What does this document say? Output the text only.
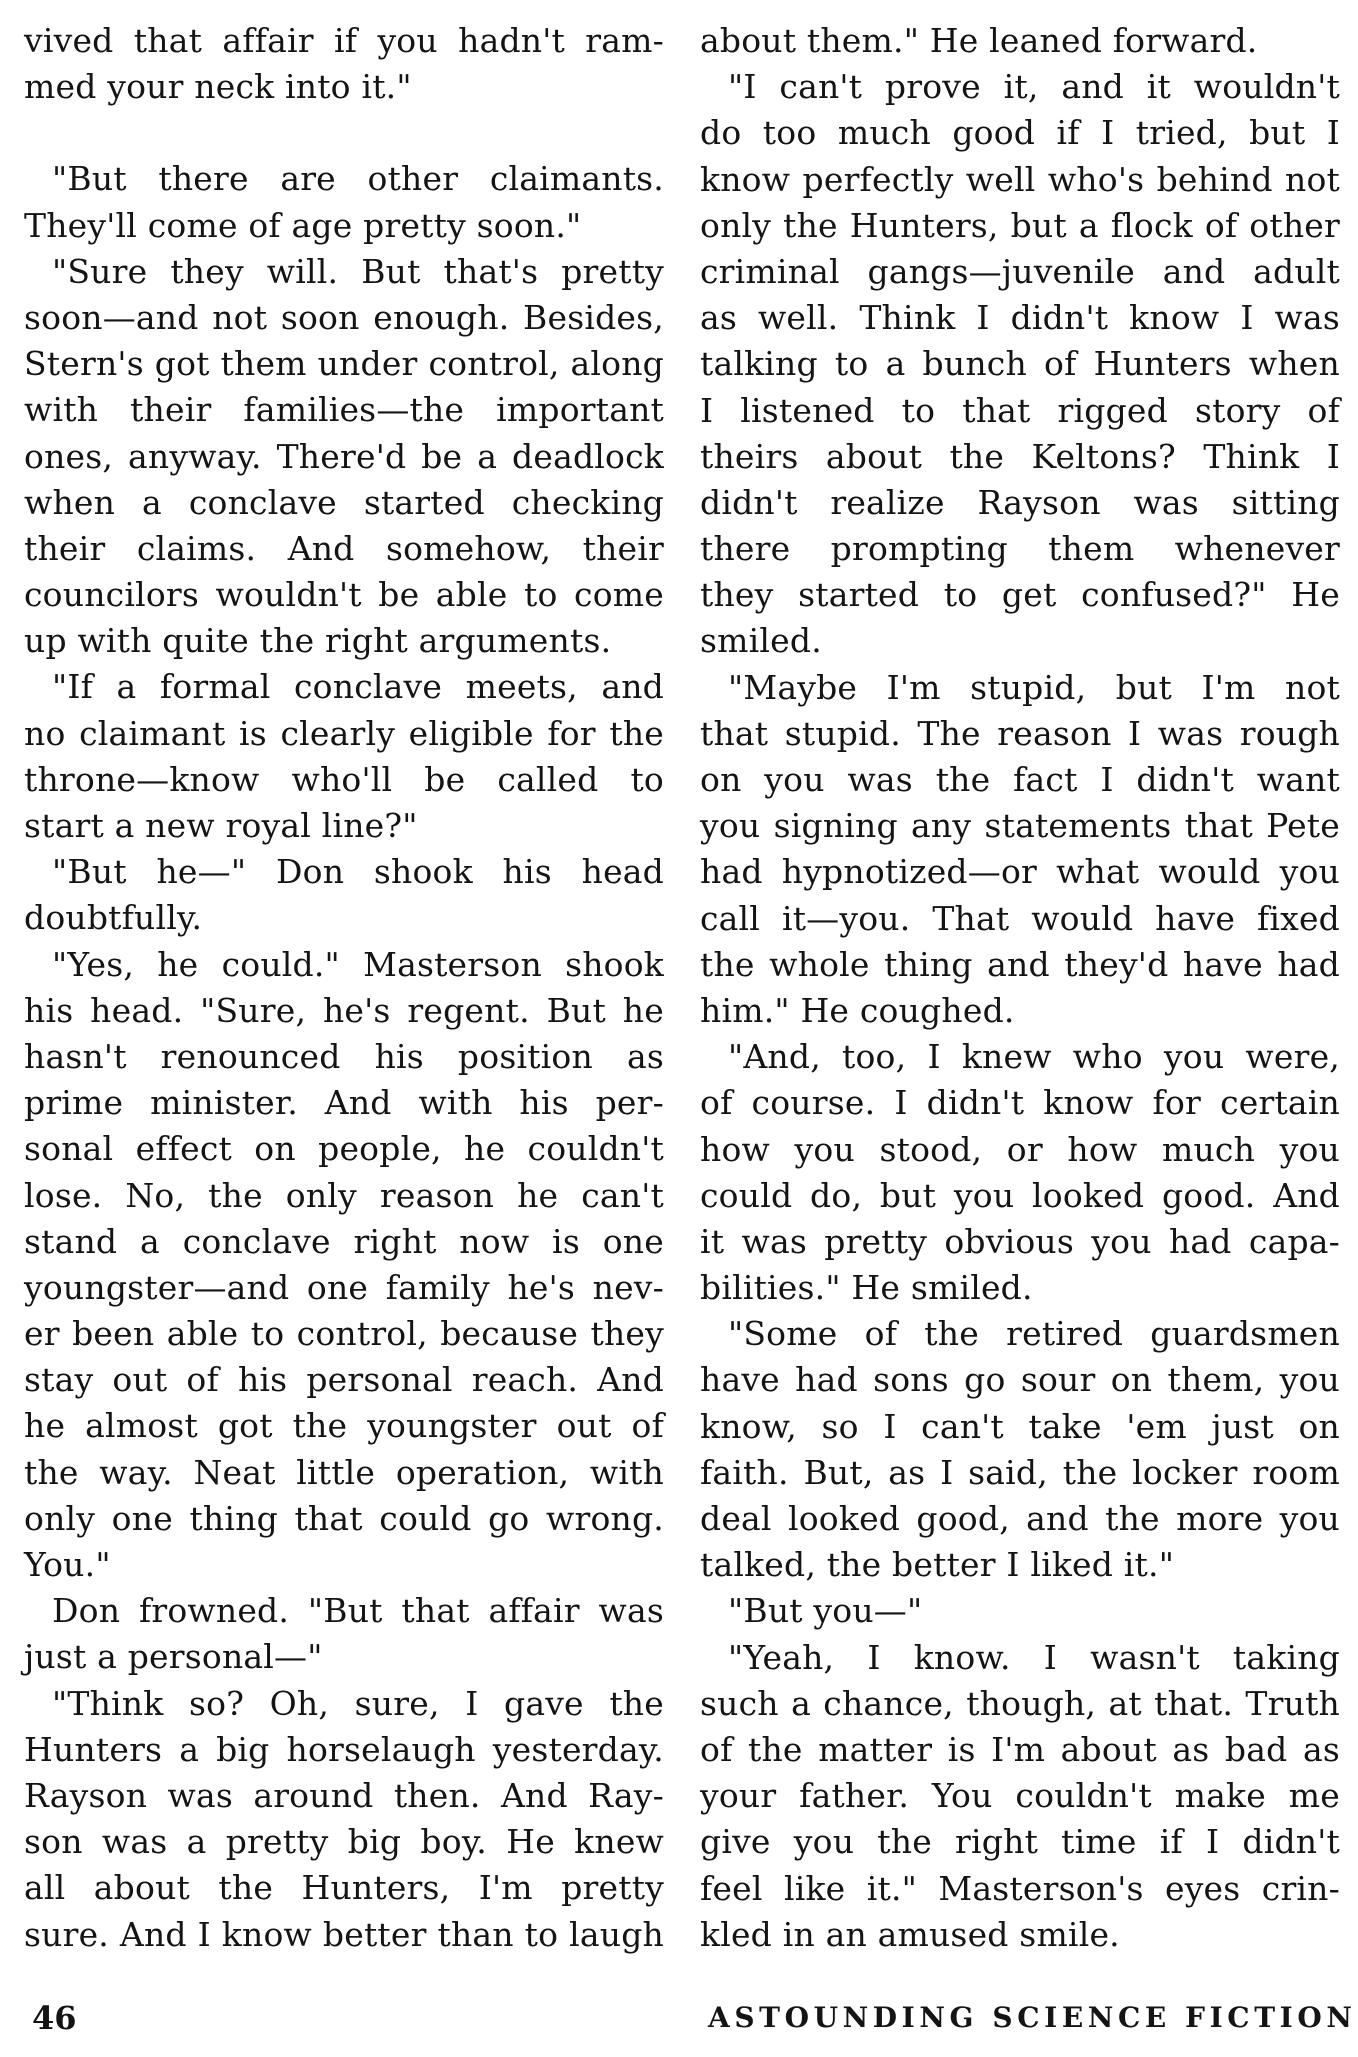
vived that affair if you hadn't ram-
med your neck into it."
"But there are other claimants.
They'll come of age pretty soon."
"Sure they will. But that's pretty
soon—and not soon enough. Besides,
Stern's got them under control, along
with their families—the important
ones, anyway. There'd be a deadlock
when a conclave started checking
their claims. And somehow, their
councilors wouldn't be able to come
up with quite the right arguments.
"If a formal conclave meets, and
no claimant is clearly eligible for the
throne—know who'll be called to
start a new royal line?"
"But he—" Don shook his head
doubtfully.
"Yes, he could." Masterson shook
his head. "Sure, he's regent. But he
hasn't renounced his position as
prime minister. And with his per-
sonal effect on people, he couldn't
lose. No, the only reason he can't
stand a conclave right now is one
youngster—and one family he's nev-
er been able to control, because they
stay out of his personal reach. And
he almost got the youngster out of
the way. Neat little operation, with
only one thing that could go wrong.
You."
Don frowned. "But that affair was
just a personal—"
"Think so? Oh, sure, I gave the
Hunters a big horselaugh yesterday.
Rayson was around then. And Ray-
son was a pretty big boy. He knew
all about the Hunters, I'm pretty
sure. And I know better than to laugh
about them." He leaned forward.
"I can't prove it, and it wouldn't
do too much good if I tried, but I
know perfectly well who's behind not
only the Hunters, but a flock of other
criminal gangs—juvenile and adult
as well. Think I didn't know I was
talking to a bunch of Hunters when
I listened to that rigged story of
theirs about the Keltons? Think I
didn't realize Rayson was sitting
there prompting them whenever
they started to get confused?" He
smiled.
"Maybe I'm stupid, but I'm not
that stupid. The reason I was rough
on you was the fact I didn't want
you signing any statements that Pete
had hypnotized—or what would you
call it—you. That would have fixed
the whole thing and they'd have had
him." He coughed.
"And, too, I knew who you were,
of course. I didn't know for certain
how you stood, or how much you
could do, but you looked good. And
it was pretty obvious you had capa-
bilities." He smiled.
"Some of the retired guardsmen
have had sons go sour on them, you
know, so I can't take 'em just on
faith. But, as I said, the locker room
deal looked good, and the more you
talked, the better I liked it."
"But you—"
"Yeah, I know. I wasn't taking
such a chance, though, at that. Truth
of the matter is I'm about as bad as
your father. You couldn't make me
give you the right time if I didn't
feel like it." Masterson's eyes crin-
kled in an amused smile.
46	ASTOUNDING SCIENCE FICTION
